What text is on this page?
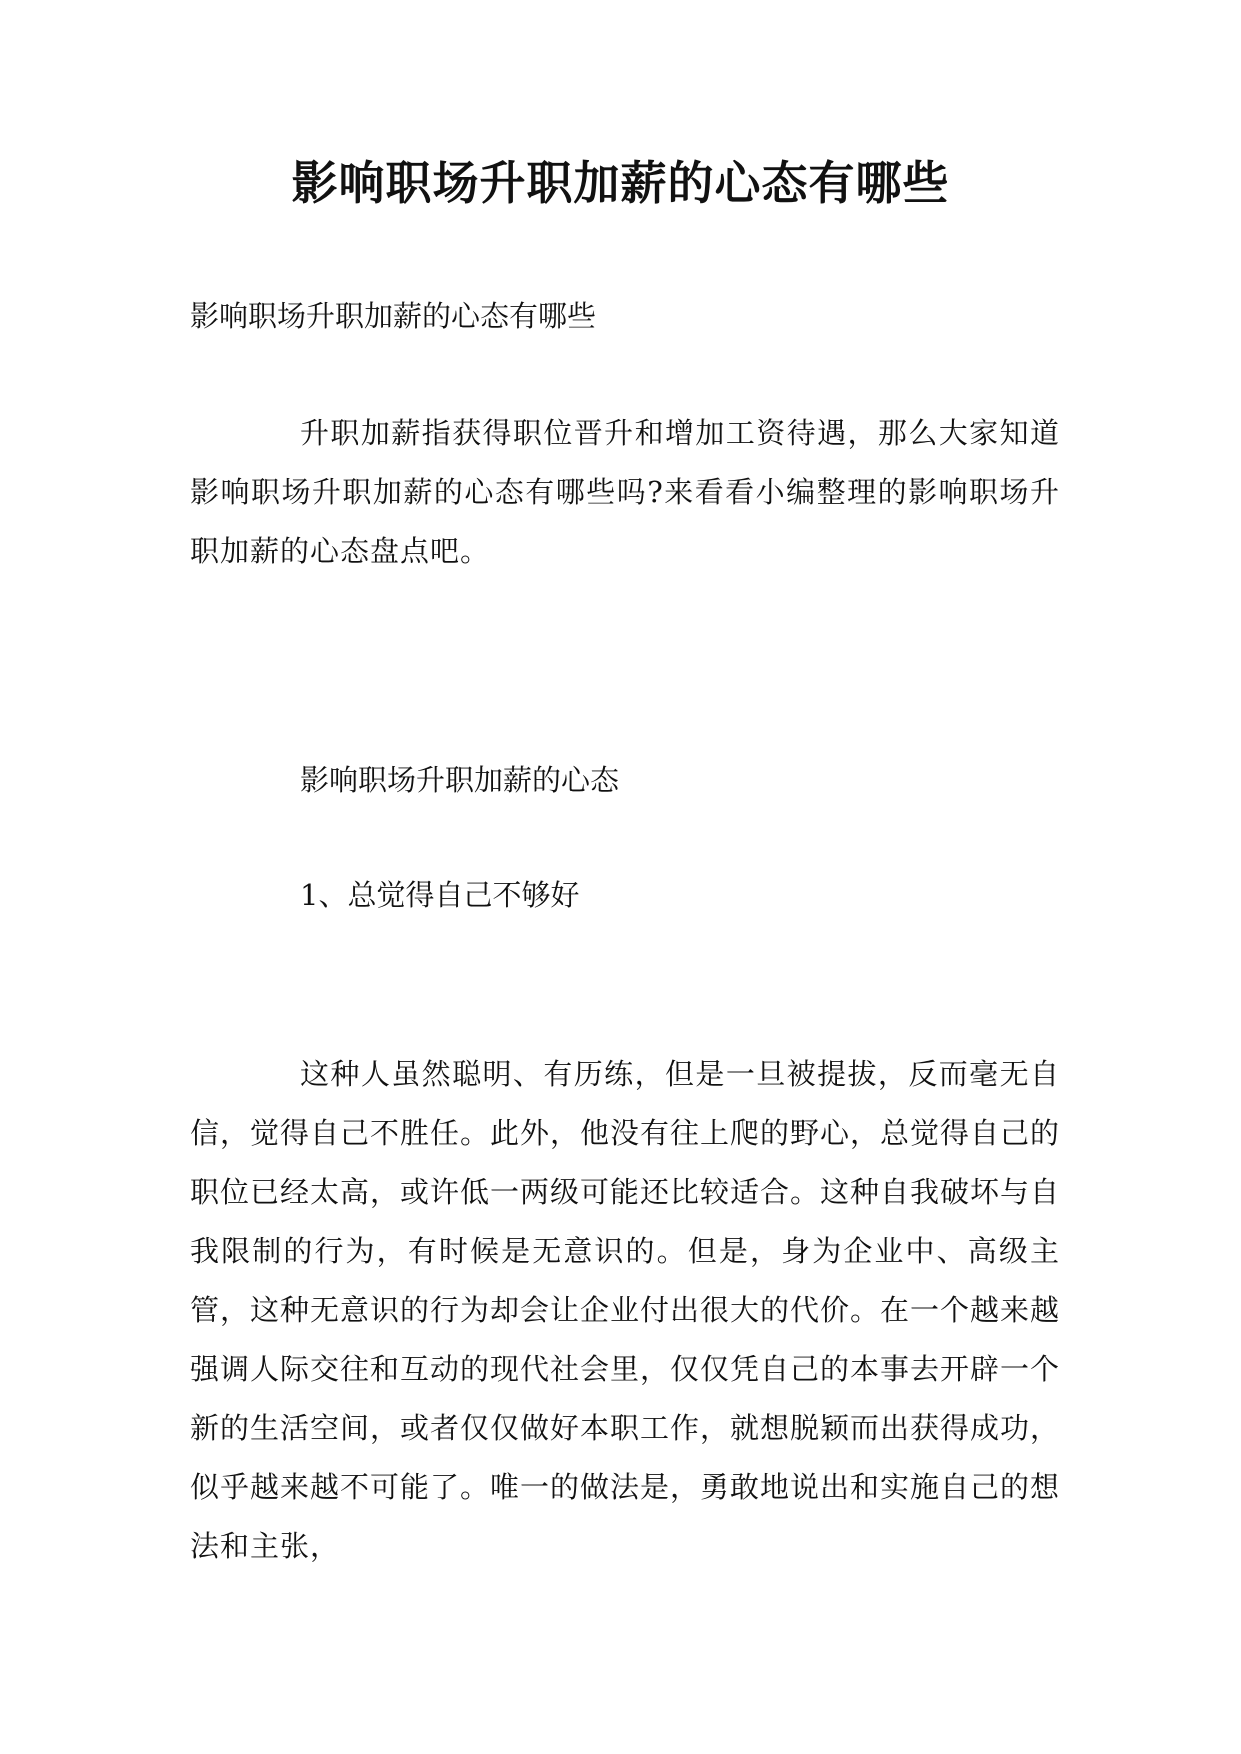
影响职场升职加薪的心态有哪些

影响职场升职加薪的心态有哪些

升职加薪指获得职位晋升和增加工资待遇，那么大家知道影响职场升职加薪的心态有哪些吗?来看看小编整理的影响职场升职加薪的心态盘点吧。

影响职场升职加薪的心态

1、总觉得自己不够好

这种人虽然聪明、有历练，但是一旦被提拔，反而毫无自信，觉得自己不胜任。此外，他没有往上爬的野心，总觉得自己的职位已经太高，或许低一两级可能还比较适合。这种自我破坏与自我限制的行为，有时候是无意识的。但是，身为企业中、高级主管，这种无意识的行为却会让企业付出很大的代价。在一个越来越强调人际交往和互动的现代社会里，仅仅凭自己的本事去开辟一个新的生活空间，或者仅仅做好本职工作，就想脱颖而出获得成功，似乎越来越不可能了。唯一的做法是，勇敢地说出和实施自己的想法和主张，
